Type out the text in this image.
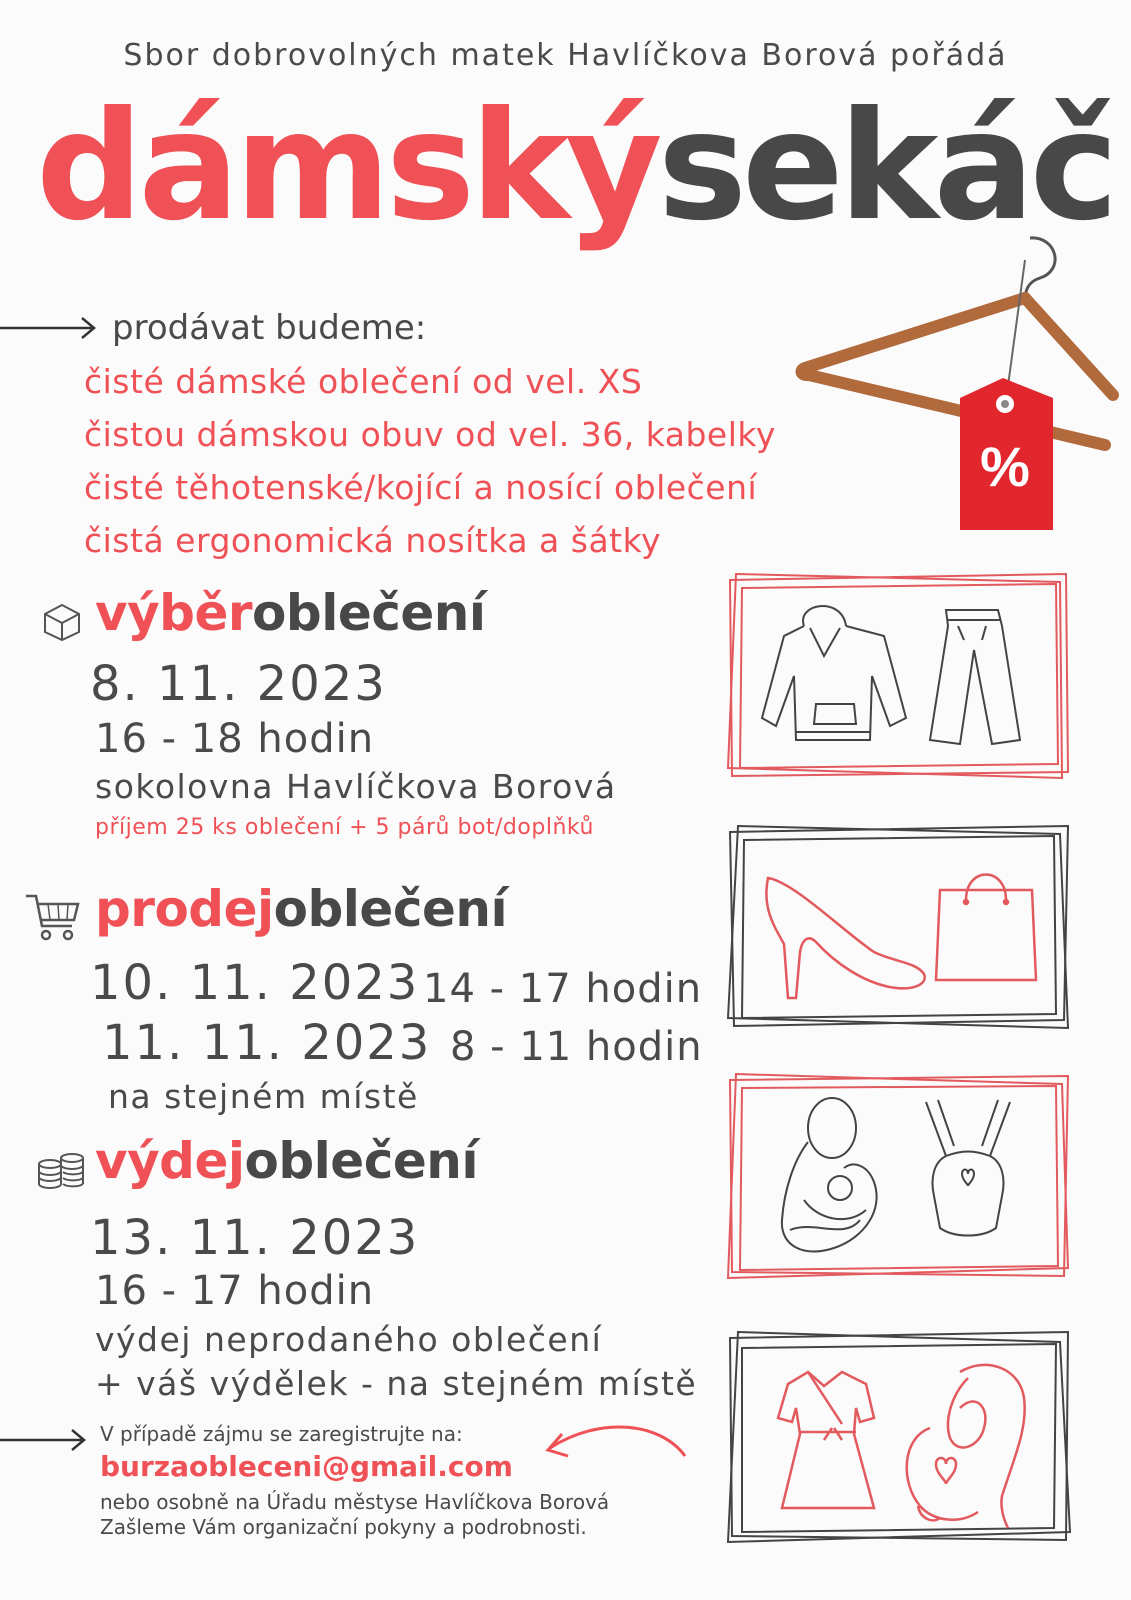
Sbor dobrovolných matek Havlíčkova Borová pořádá
dámskýsekáč
%
prodávat budeme:
čisté dámské oblečení od vel. XS
čistou dámskou obuv od vel. 36, kabelky
čisté těhotenské/kojící a nosící oblečení
čistá ergonomická nosítka a šátky
výběroblečení
8. 11. 2023
16 - 18 hodin
sokolovna Havlíčkova Borová
příjem 25 ks oblečení + 5 párů bot/doplňků
prodejoblečení
10. 11. 2023 14 - 17 hodin
11. 11. 2023 8 - 11 hodin
na stejném místě
výdejoblečení
13. 11. 2023
16 - 17 hodin
výdej neprodaného oblečení
+ váš výdělek - na stejném místě
V případě zájmu se zaregistrujte na:
burzaobleceni@gmail.com
nebo osobně na Úřadu městyse Havlíčkova Borová
Zašleme Vám organizační pokyny a podrobnosti.
